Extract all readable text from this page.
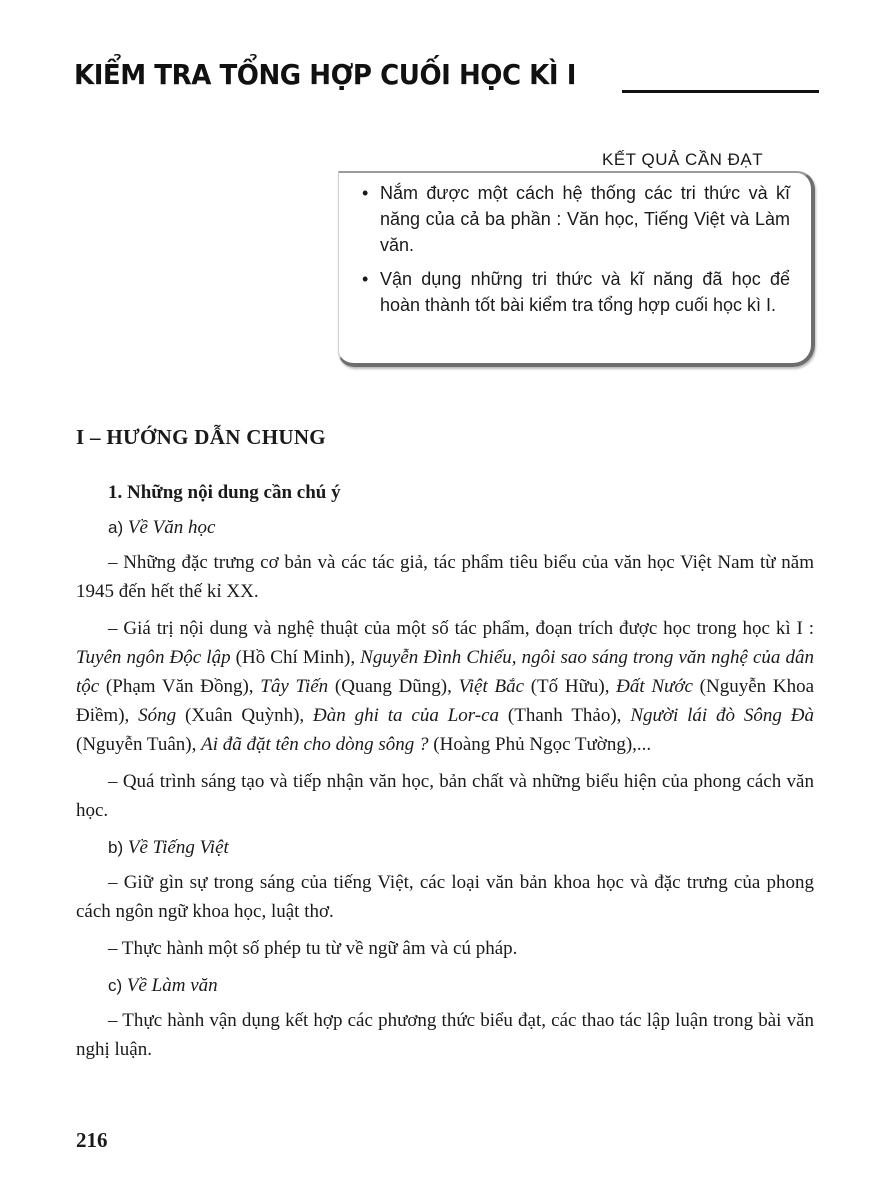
KIỂM TRA TỔNG HỢP CUỐI HỌC KÌ I
KẾT QUẢ CẦN ĐẠT
• Nắm được một cách hệ thống các tri thức và kĩ năng của cả ba phần : Văn học, Tiếng Việt và Làm văn.
• Vận dụng những tri thức và kĩ năng đã học để hoàn thành tốt bài kiểm tra tổng hợp cuối học kì I.
I – HƯỚNG DẪN CHUNG

1. Những nội dung cần chú ý

a) Về Văn học

– Những đặc trưng cơ bản và các tác giả, tác phẩm tiêu biểu của văn học Việt Nam từ năm 1945 đến hết thế kỉ XX.

– Giá trị nội dung và nghệ thuật của một số tác phẩm, đoạn trích được học trong học kì I : Tuyên ngôn Độc lập (Hồ Chí Minh), Nguyễn Đình Chiểu, ngôi sao sáng trong văn nghệ của dân tộc (Phạm Văn Đồng), Tây Tiến (Quang Dũng), Việt Bắc (Tố Hữu), Đất Nước (Nguyễn Khoa Điềm), Sóng (Xuân Quỳnh), Đàn ghi ta của Lor-ca (Thanh Thảo), Người lái đò Sông Đà (Nguyễn Tuân), Ai đã đặt tên cho dòng sông ? (Hoàng Phủ Ngọc Tường),...

– Quá trình sáng tạo và tiếp nhận văn học, bản chất và những biểu hiện của phong cách văn học.

b) Về Tiếng Việt

– Giữ gìn sự trong sáng của tiếng Việt, các loại văn bản khoa học và đặc trưng của phong cách ngôn ngữ khoa học, luật thơ.

– Thực hành một số phép tu từ về ngữ âm và cú pháp.

c) Về Làm văn

– Thực hành vận dụng kết hợp các phương thức biểu đạt, các thao tác lập luận trong bài văn nghị luận.

216
